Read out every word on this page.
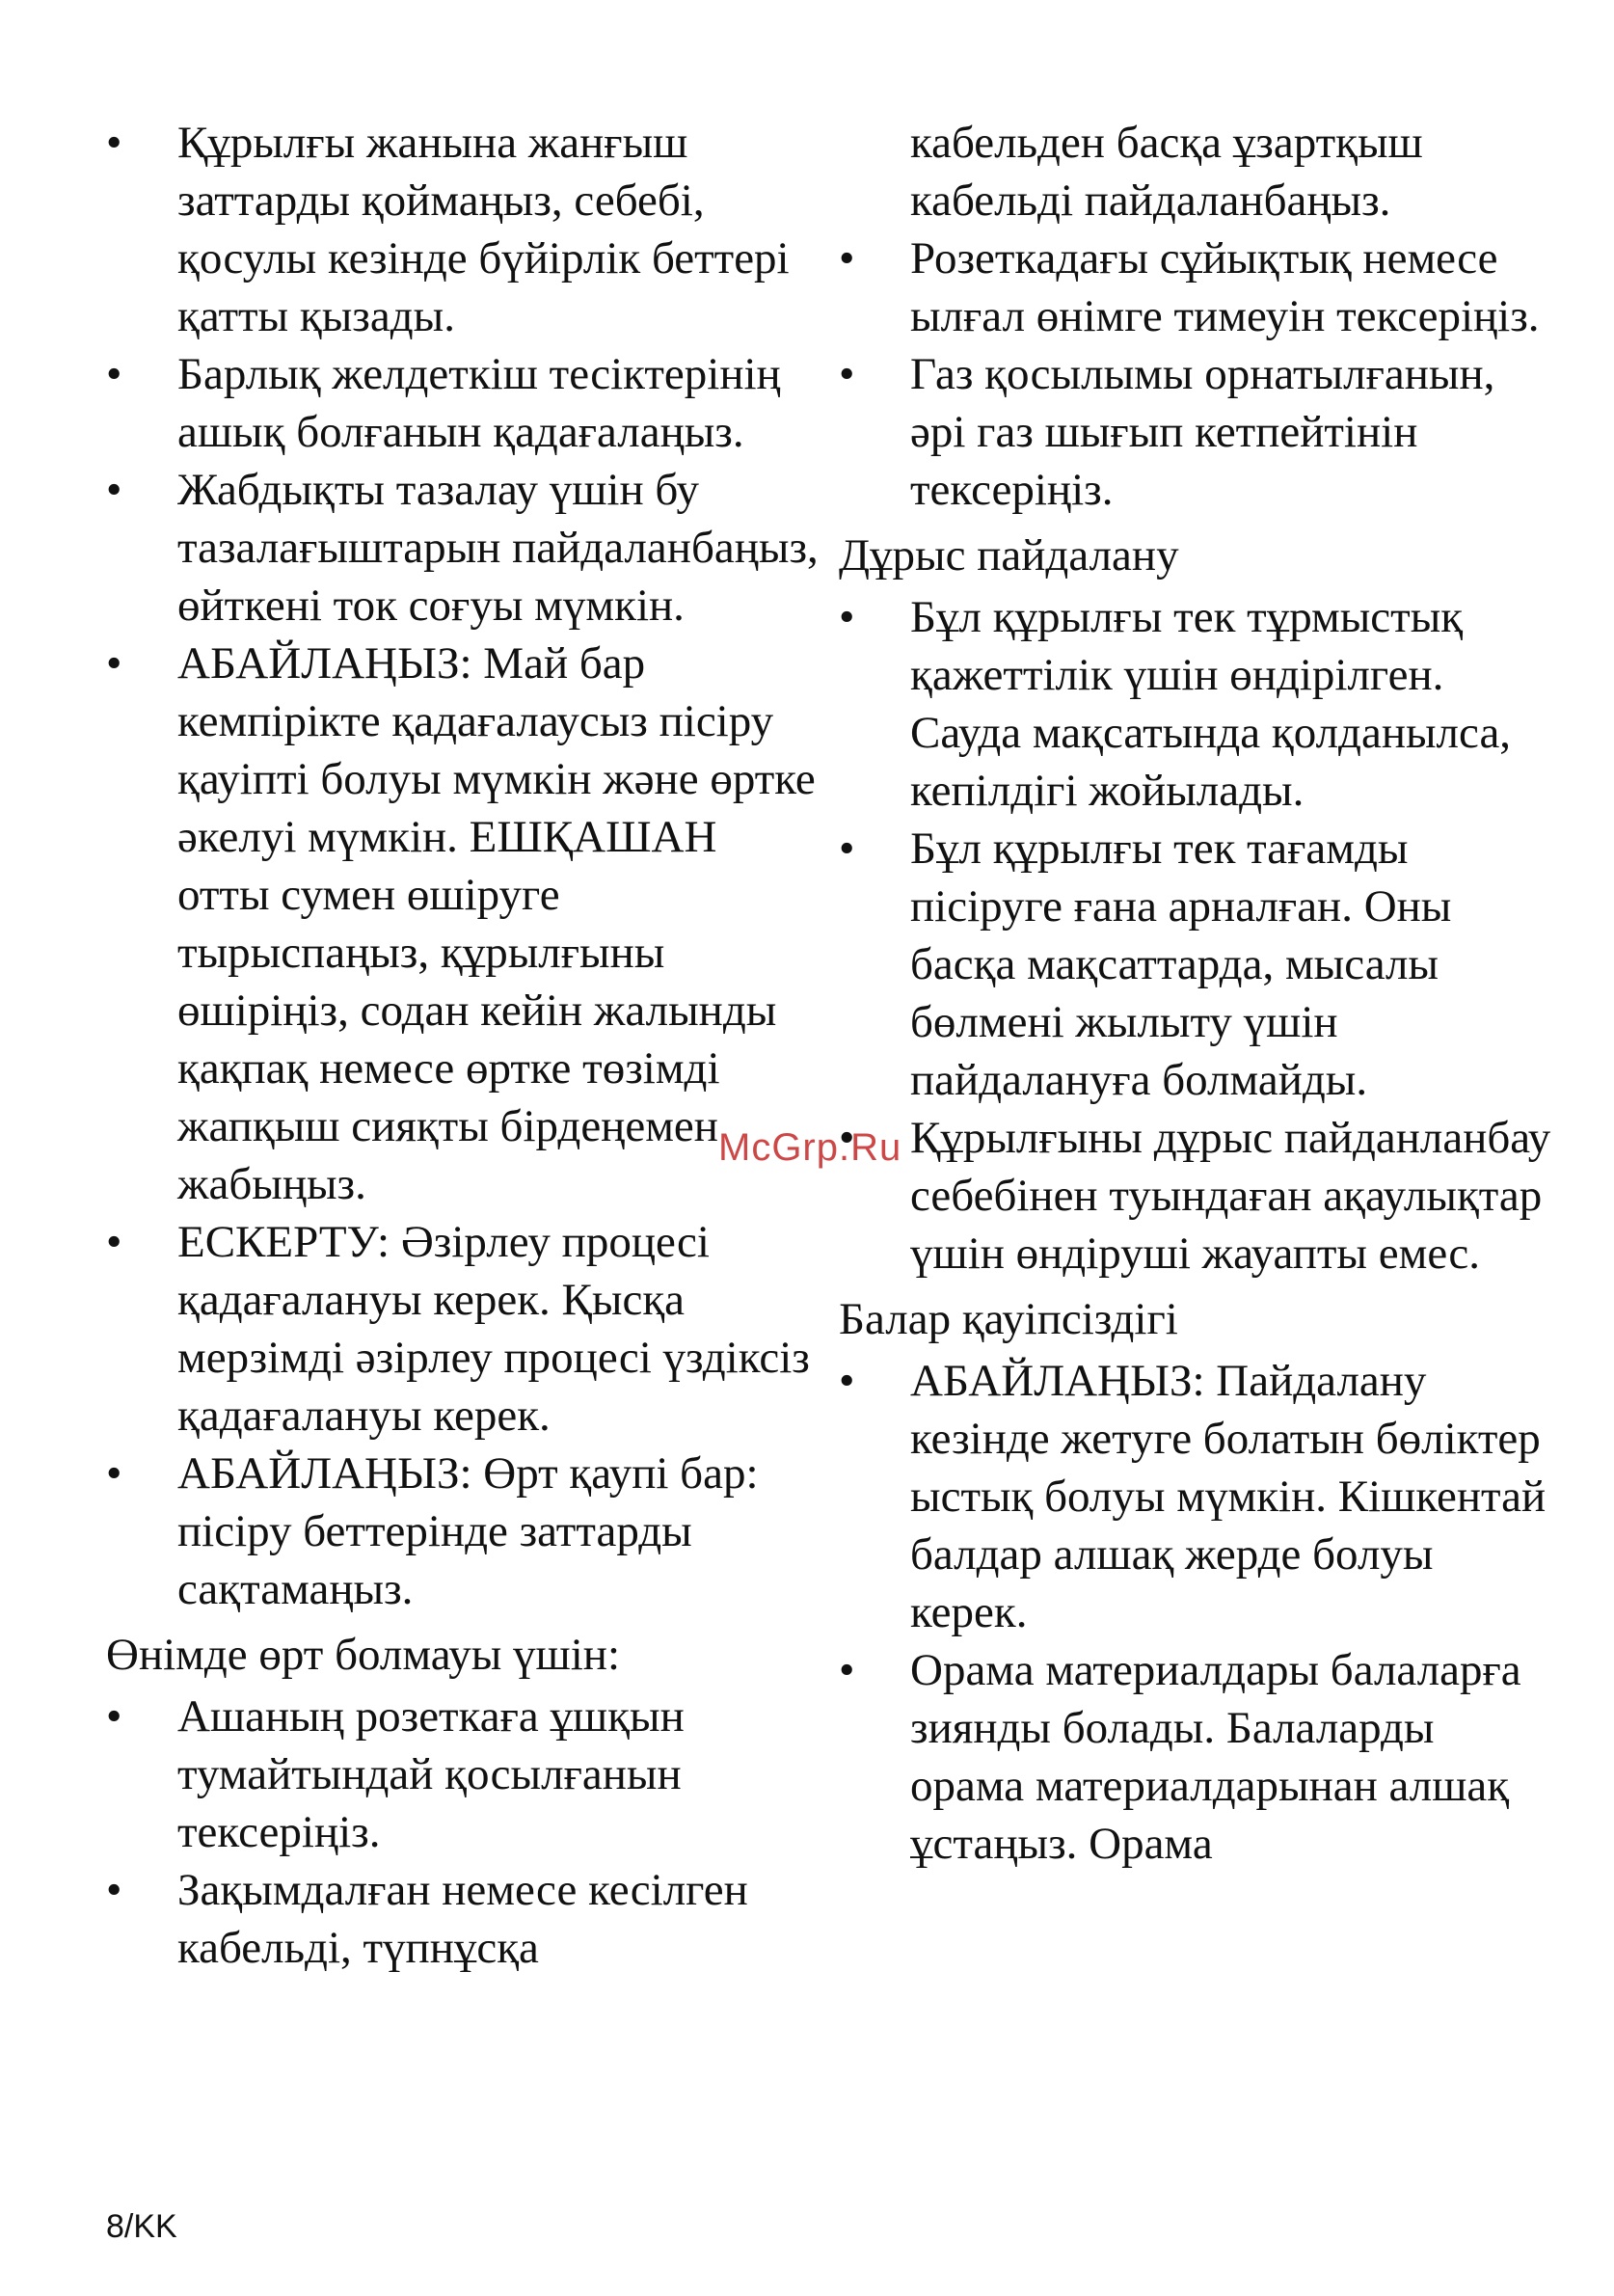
• Құрылғы жанына жанғыш заттарды қоймаңыз, себебі, қосулы кезінде бүйірлік беттері қатты қызады.
• Барлық желдеткіш тесіктерінің ашық болғанын қадағалаңыз.
• Жабдықты тазалау үшін бу тазалағыштарын пайдаланбаңыз, өйткені ток соғуы мүмкін.
• АБАЙЛАҢЫЗ: Май бар кемпірікте қадағалаусыз пісіру қауіпті болуы мүмкін және өртке әкелуі мүмкін. ЕШҚАШАН отты сумен өшіруге тырыспаңыз, құрылғыны өшіріңіз, содан кейін жалынды қақпақ немесе өртке төзімді жапқыш сияқты бірдеңемен жабыңыз.
• ЕСКЕРТУ: Әзірлеу процесі қадағалануы керек. Қысқа мерзімді әзірлеу процесі үздіксіз қадағалануы керек.
• АБАЙЛАҢЫЗ: Өрт қаупі бар: пісіру беттерінде заттарды сақтамаңыз.

Өнімде өрт болмауы үшін:

• Ашаның розеткаға ұшқын тумайтындай қосылғанын тексеріңіз.
• Зақымдалған немесе кесілген кабельді, түпнұсқа
кабельден басқа ұзартқыш кабельді пайдаланбаңыз.
• Розеткадағы сұйықтық немесе ылғал өнімге тимеуін тексеріңіз.
• Газ қосылымы орнатылғанын, әрі газ шығып кетпейтінін тексеріңіз.

Дұрыс пайдалану

• Бұл құрылғы тек тұрмыстық қажеттілік үшін өндірілген. Сауда мақсатында қолданылса, кепілдігі жойылады.
• Бұл құрылғы тек тағамды пісіруге ғана арналған. Оны басқа мақсаттарда, мысалы бөлмені жылыту үшін пайдалануға болмайды.
• Құрылғыны дұрыс пайданланбау себебінен туындаған ақаулықтар үшін өндіруші жауапты емес.

Балар қауіпсіздігі

• АБАЙЛАҢЫЗ: Пайдалану кезінде жетуге болатын бөліктер ыстық болуы мүмкін. Кішкентай балдар алшақ жерде болуы керек.
• Орама материалдары балаларға зиянды болады. Балаларды орама материалдарынан алшақ ұстаңыз. Орама
McGrp.Ru
8/KK
